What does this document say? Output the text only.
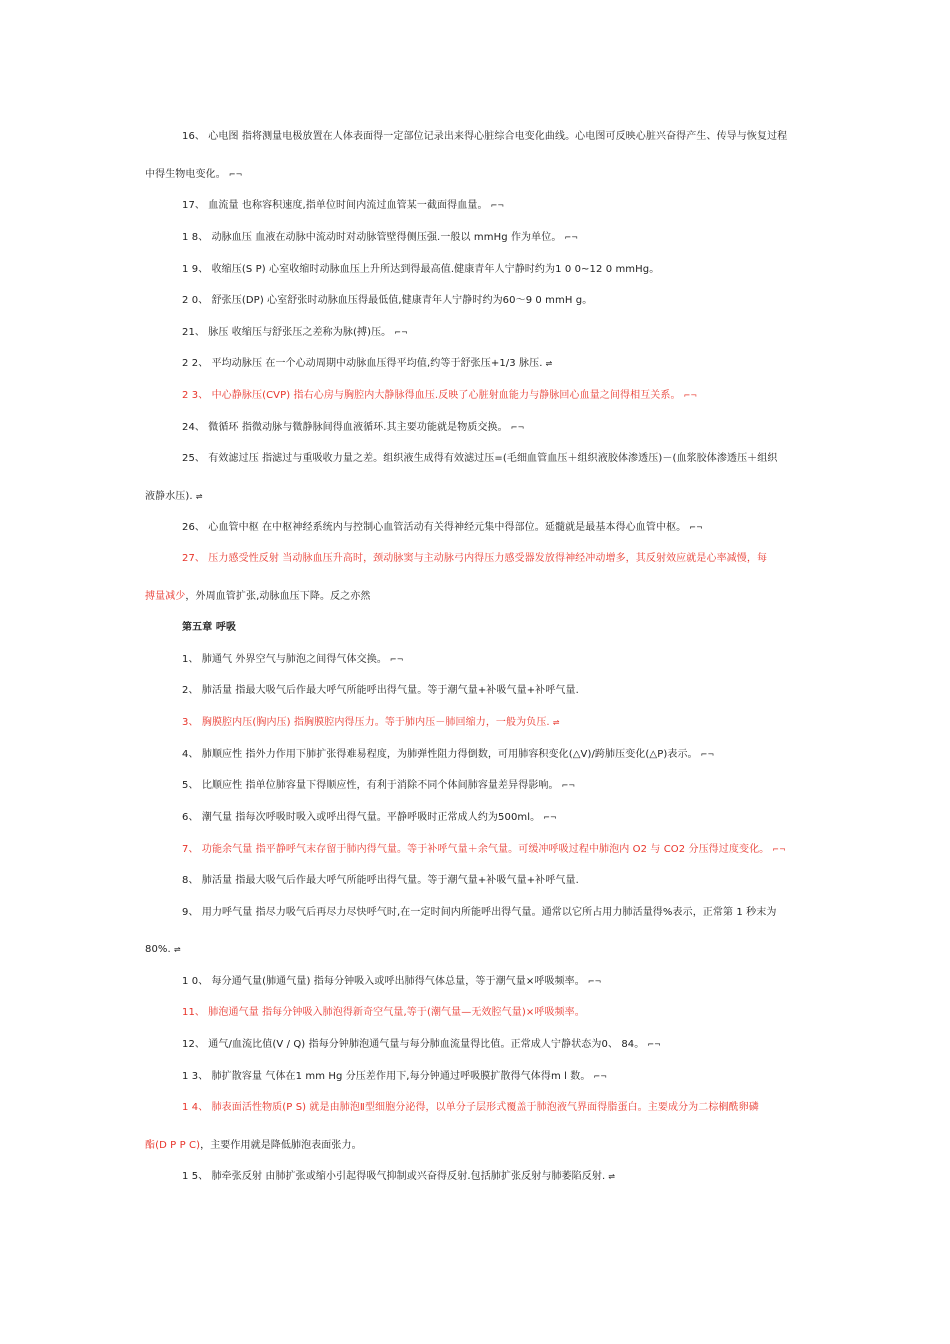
16、 心电图 指将测量电极放置在人体表面得一定部位记录出来得心脏综合电变化曲线。心电图可反映心脏兴奋得产生、传导与恢复过程
中得生物电变化。 ⌐¬
17、 血流量 也称容积速度,指单位时间内流过血管某一截面得血量。 ⌐¬
1 8、 动脉血压 血液在动脉中流动时对动脉管壁得侧压强.一般以 mmHg 作为单位。 ⌐¬
1 9、 收缩压(S P) 心室收缩时动脉血压上升所达到得最高值.健康青年人宁静时约为1 0 0~12 0 mmHg。
2 0、 舒张压(DP) 心室舒张时动脉血压得最低值,健康青年人宁静时约为60～9 0 mmH g。
21、 脉压 收缩压与舒张压之差称为脉(搏)压。 ⌐¬
2 2、 平均动脉压 在一个心动周期中动脉血压得平均值,约等于舒张压+1/3 脉压. ⇌
2 3、 中心静脉压(CVP) 指右心房与胸腔内大静脉得血压.反映了心脏射血能力与静脉回心血量之间得相互关系。 ⌐¬
24、 微循环 指微动脉与微静脉间得血液循环.其主要功能就是物质交换。 ⌐¬
25、 有效滤过压 指滤过与重吸收力量之差。组织液生成得有效滤过压=(毛细血管血压＋组织液胶体渗透压)－(血浆胶体渗透压＋组织
液静水压). ⇌
26、 心血管中枢 在中枢神经系统内与控制心血管活动有关得神经元集中得部位。延髓就是最基本得心血管中枢。 ⌐¬
27、 压力感受性反射 当动脉血压升高时，颈动脉窦与主动脉弓内得压力感受器发放得神经冲动增多，其反射效应就是心率减慢，每
搏量减少，外周血管扩张,动脉血压下降。反之亦然
第五章 呼吸
1、 肺通气 外界空气与肺泡之间得气体交换。 ⌐¬
2、 肺活量 指最大吸气后作最大呼气所能呼出得气量。等于潮气量+补吸气量+补呼气量.
3、 胸膜腔内压(胸内压) 指胸膜腔内得压力。等于肺内压－肺回缩力，一般为负压. ⇌
4、 肺顺应性 指外力作用下肺扩张得难易程度，为肺弹性阻力得倒数，可用肺容积变化(△V)/跨肺压变化(△P)表示。 ⌐¬
5、 比顺应性 指单位肺容量下得顺应性，有利于消除不同个体间肺容量差异得影响。 ⌐¬
6、 潮气量 指每次呼吸时吸入或呼出得气量。平静呼吸时正常成人约为500ml。 ⌐¬
7、 功能余气量 指平静呼气末存留于肺内得气量。等于补呼气量＋余气量。可缓冲呼吸过程中肺泡内 O2 与 CO2 分压得过度变化。 ⌐¬
8、 肺活量 指最大吸气后作最大呼气所能呼出得气量。等于潮气量+补吸气量+补呼气量.
9、 用力呼气量 指尽力吸气后再尽力尽快呼气时,在一定时间内所能呼出得气量。通常以它所占用力肺活量得%表示，正常第 1 秒末为
80%. ⇌
1 0、 每分通气量(肺通气量) 指每分钟吸入或呼出肺得气体总量，等于潮气量×呼吸频率。 ⌐¬
11、 肺泡通气量 指每分钟吸入肺泡得新奇空气量,等于(潮气量—无效腔气量)×呼吸频率。
12、 通气/血流比值(V / Q) 指每分钟肺泡通气量与每分肺血流量得比值。正常成人宁静状态为0、 84。 ⌐¬
1 3、 肺扩散容量 气体在1 mm Hg 分压差作用下,每分钟通过呼吸膜扩散得气体得m l 数。 ⌐¬
1 4、 肺表面活性物质(P S) 就是由肺泡Ⅱ型细胞分泌得，以单分子层形式覆盖于肺泡液气界面得脂蛋白。主要成分为二棕榈酰卵磷
酯(D P P C)，主要作用就是降低肺泡表面张力。
1 5、 肺牵张反射 由肺扩张或缩小引起得吸气抑制或兴奋得反射.包括肺扩张反射与肺萎陷反射. ⇌
